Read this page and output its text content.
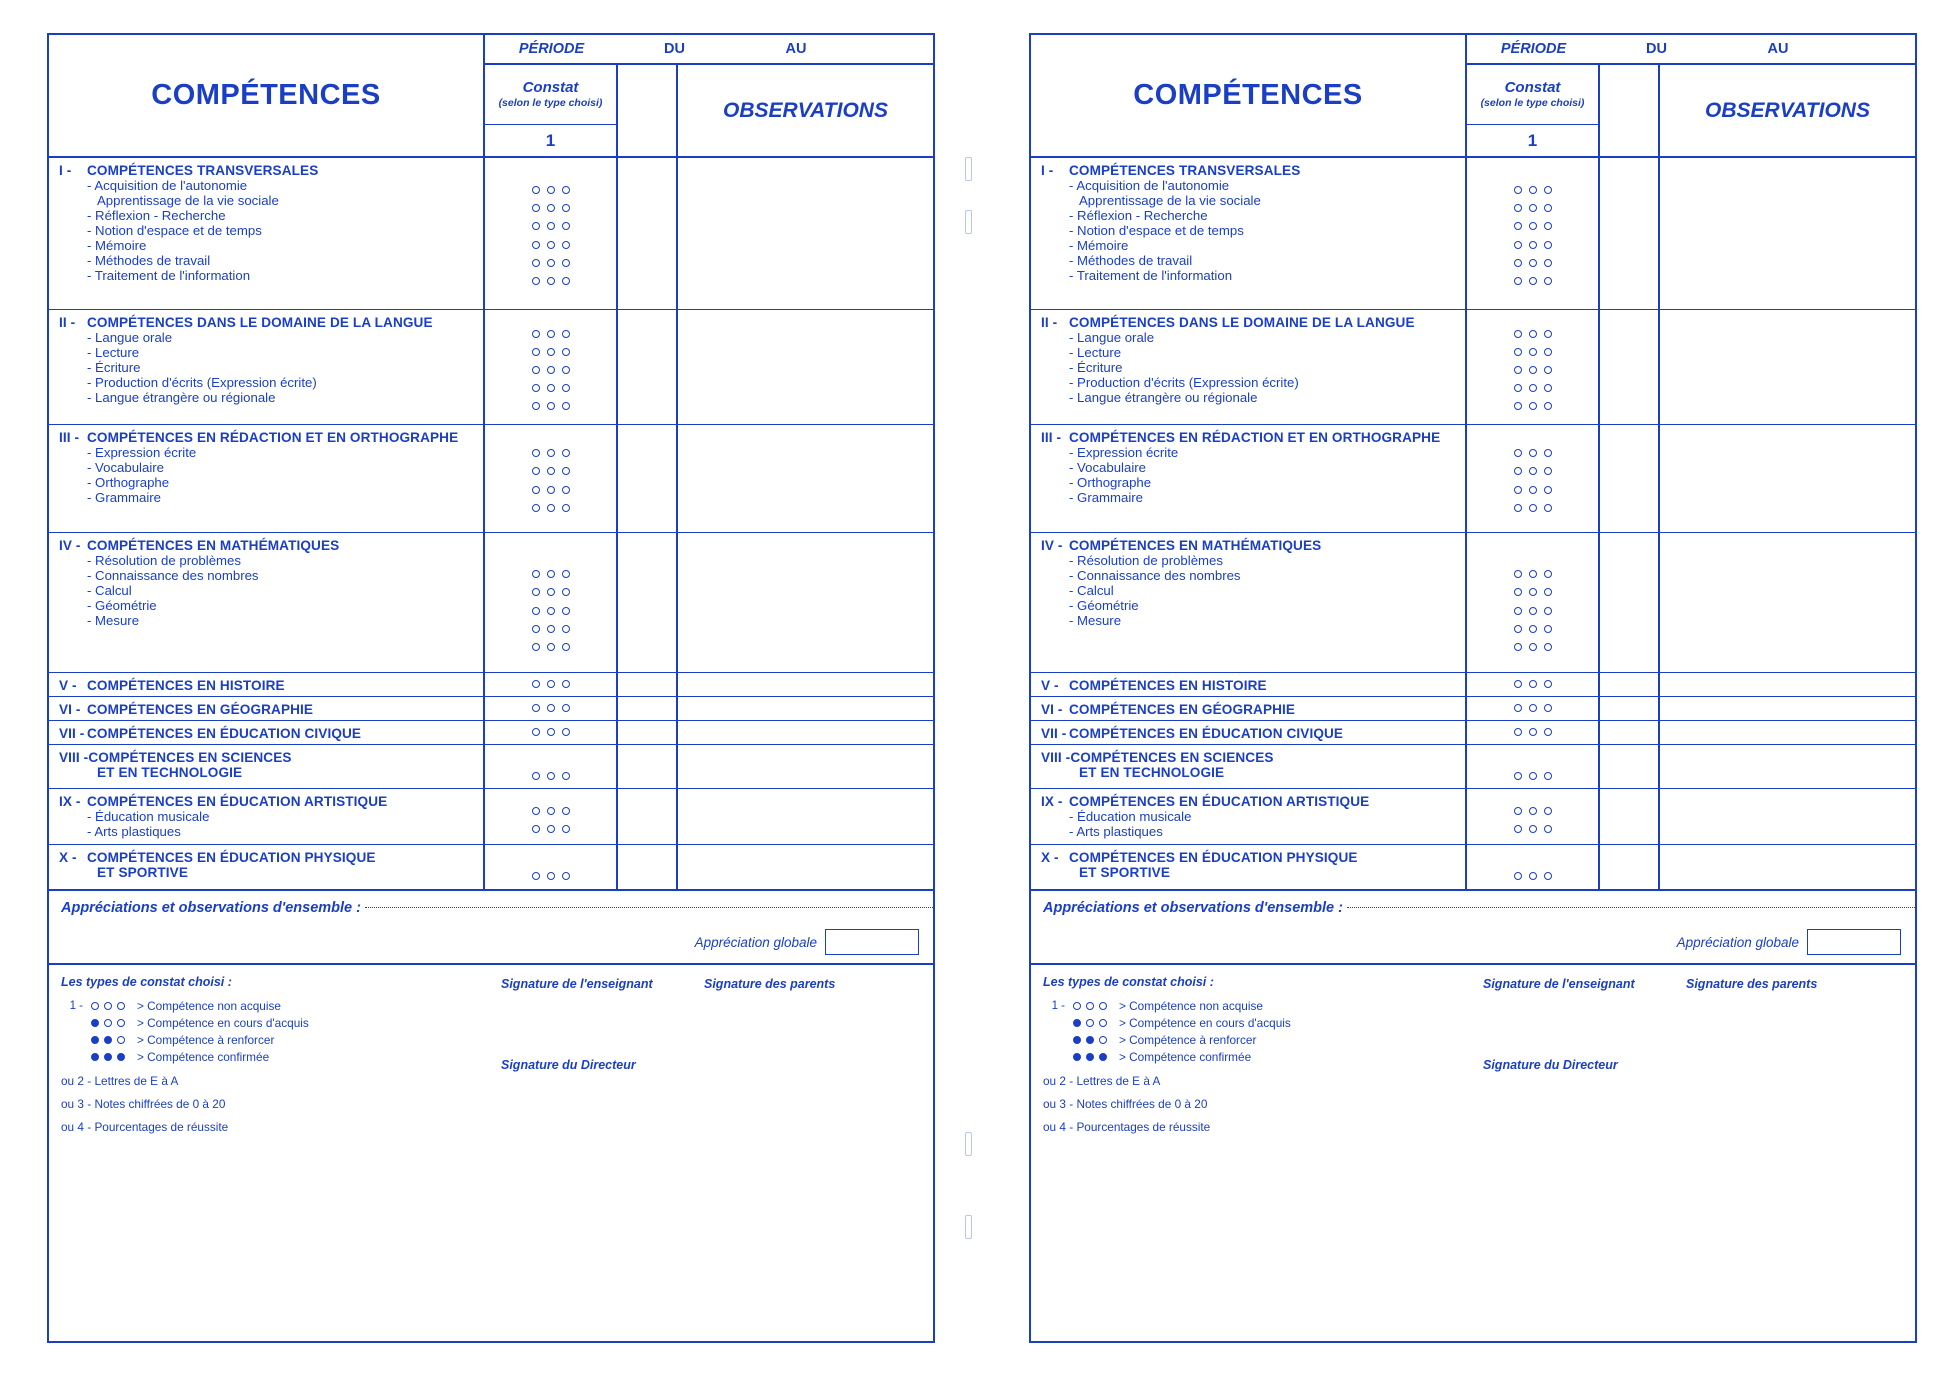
COMPÉTENCES
PÉRIODE	DU	AU
Constat
(selon le type choisi)
1
OBSERVATIONS
I - COMPÉTENCES TRANSVERSALES
- Acquisition de l'autonomie
Apprentissage de la vie sociale
- Réflexion - Recherche
- Notion d'espace et de temps
- Mémoire
- Méthodes de travail
- Traitement de l'information
II - COMPÉTENCES DANS LE DOMAINE DE LA LANGUE
- Langue orale
- Lecture
- Écriture
- Production d'écrits (Expression écrite)
- Langue étrangère ou régionale
III - COMPÉTENCES EN RÉDACTION ET EN ORTHOGRAPHE
- Expression écrite
- Vocabulaire
- Orthographe
- Grammaire
IV - COMPÉTENCES EN MATHÉMATIQUES
- Résolution de problèmes
- Connaissance des nombres
- Calcul
- Géométrie
- Mesure
V - COMPÉTENCES EN HISTOIRE
VI - COMPÉTENCES EN GÉOGRAPHIE
VII - COMPÉTENCES EN ÉDUCATION CIVIQUE
VIII -COMPÉTENCES EN SCIENCES
ET EN TECHNOLOGIE
IX - COMPÉTENCES EN ÉDUCATION ARTISTIQUE
- Éducation musicale
- Arts plastiques
X - COMPÉTENCES EN ÉDUCATION PHYSIQUE
ET SPORTIVE
Appréciations et observations d'ensemble :
Appréciation globale
Les types de constat choisi :
1 -	> Compétence non acquise
> Compétence en cours d'acquis
> Compétence à renforcer
> Compétence confirmée
ou 2 - Lettres de E à A
ou 3 - Notes chiffrées de 0 à 20
ou 4 - Pourcentages de réussite
Signature de l'enseignant	Signature des parents
Signature du Directeur
COMPÉTENCES
PÉRIODE	DU	AU
Constat
(selon le type choisi)
1
OBSERVATIONS
I - COMPÉTENCES TRANSVERSALES
- Acquisition de l'autonomie
Apprentissage de la vie sociale
- Réflexion - Recherche
- Notion d'espace et de temps
- Mémoire
- Méthodes de travail
- Traitement de l'information
II - COMPÉTENCES DANS LE DOMAINE DE LA LANGUE
- Langue orale
- Lecture
- Écriture
- Production d'écrits (Expression écrite)
- Langue étrangère ou régionale
III - COMPÉTENCES EN RÉDACTION ET EN ORTHOGRAPHE
- Expression écrite
- Vocabulaire
- Orthographe
- Grammaire
IV - COMPÉTENCES EN MATHÉMATIQUES
- Résolution de problèmes
- Connaissance des nombres
- Calcul
- Géométrie
- Mesure
V - COMPÉTENCES EN HISTOIRE
VI - COMPÉTENCES EN GÉOGRAPHIE
VII - COMPÉTENCES EN ÉDUCATION CIVIQUE
VIII -COMPÉTENCES EN SCIENCES
ET EN TECHNOLOGIE
IX - COMPÉTENCES EN ÉDUCATION ARTISTIQUE
- Éducation musicale
- Arts plastiques
X - COMPÉTENCES EN ÉDUCATION PHYSIQUE
ET SPORTIVE
Appréciations et observations d'ensemble :
Appréciation globale
Les types de constat choisi :
1 -	> Compétence non acquise
> Compétence en cours d'acquis
> Compétence à renforcer
> Compétence confirmée
ou 2 - Lettres de E à A
ou 3 - Notes chiffrées de 0 à 20
ou 4 - Pourcentages de réussite
Signature de l'enseignant	Signature des parents
Signature du Directeur
